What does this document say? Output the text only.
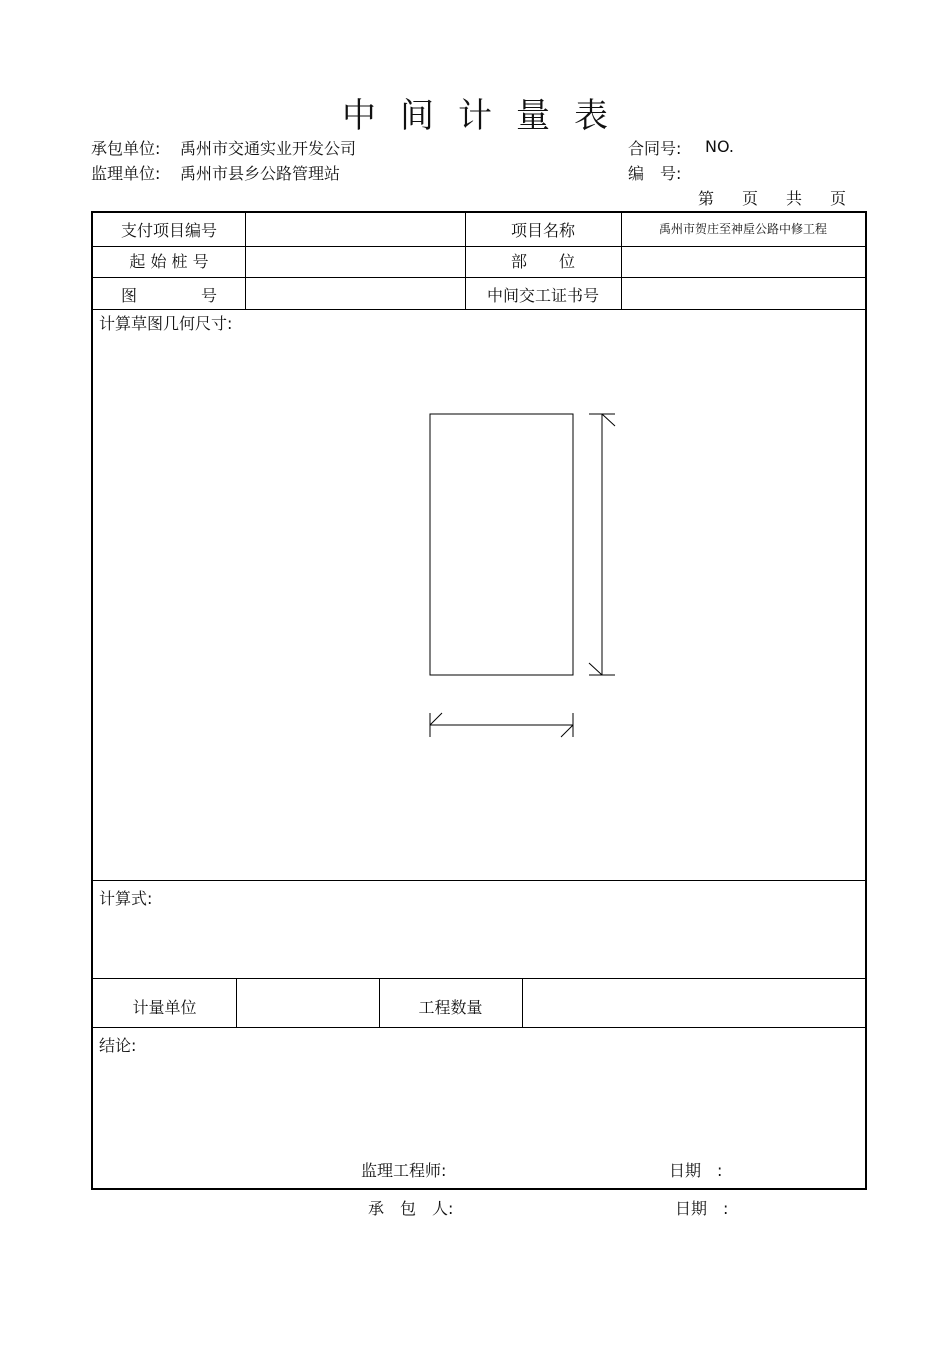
中间计量表
承包单位: 禹州市交通实业开发公司
监理单位: 禹州市县乡公路管理站
合同号: NO.
编　号:
第　页　共　页
支付项目编号	项目名称	禹州市贺庄至神垕公路中修工程
起 始 桩 号	部　　位
图　　　　号	中间交工证书号
计算草图几何尺寸:
计算式:
计量单位	工程数量
结论:
监理工程师:	日期　:
承　包　人:	日期　:
